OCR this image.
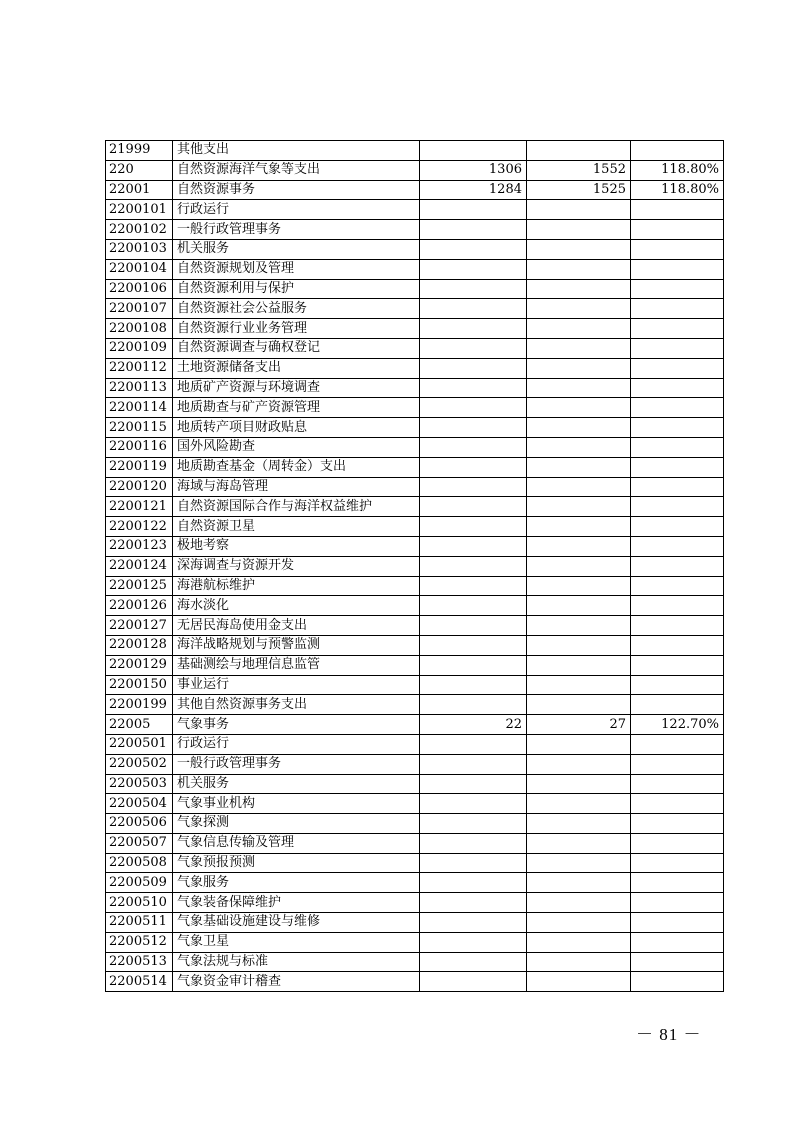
21999	其他支出			
220	自然资源海洋气象等支出	1306	1552	118.80%
22001	自然资源事务	1284	1525	118.80%
2200101	行政运行			
2200102	一般行政管理事务			
2200103	机关服务			
2200104	自然资源规划及管理			
2200106	自然资源利用与保护			
2200107	自然资源社会公益服务			
2200108	自然资源行业业务管理			
2200109	自然资源调查与确权登记			
2200112	土地资源储备支出			
2200113	地质矿产资源与环境调查			
2200114	地质勘查与矿产资源管理			
2200115	地质转产项目财政贴息			
2200116	国外风险勘查			
2200119	地质勘查基金（周转金）支出			
2200120	海域与海岛管理			
2200121	自然资源国际合作与海洋权益维护			
2200122	自然资源卫星			
2200123	极地考察			
2200124	深海调查与资源开发			
2200125	海港航标维护			
2200126	海水淡化			
2200127	无居民海岛使用金支出			
2200128	海洋战略规划与预警监测			
2200129	基础测绘与地理信息监管			
2200150	事业运行			
2200199	其他自然资源事务支出			
22005	气象事务	22	27	122.70%
2200501	行政运行			
2200502	一般行政管理事务			
2200503	机关服务			
2200504	气象事业机构			
2200506	气象探测			
2200507	气象信息传输及管理			
2200508	气象预报预测			
2200509	气象服务			
2200510	气象装备保障维护			
2200511	气象基础设施建设与维修			
2200512	气象卫星			
2200513	气象法规与标准			
2200514	气象资金审计稽查			
－ 81 －
